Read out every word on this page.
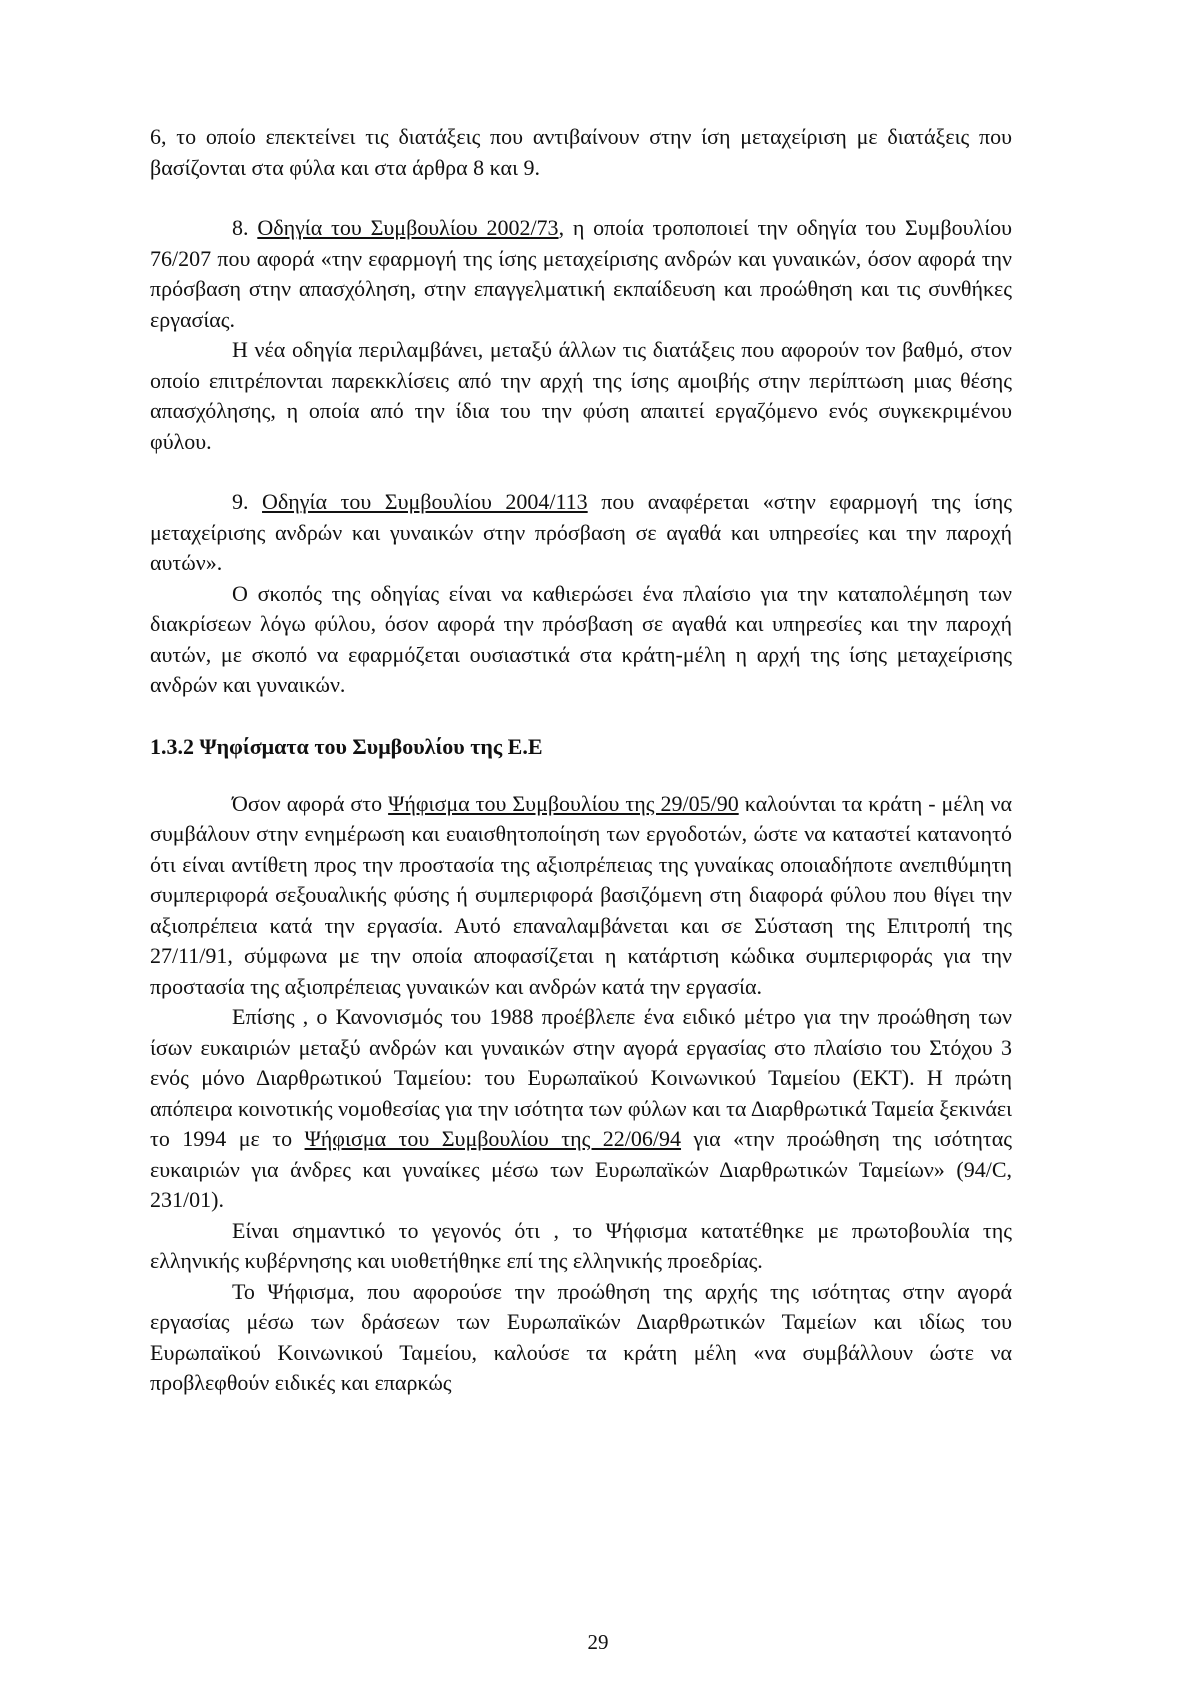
6, το οποίο επεκτείνει τις διατάξεις που αντιβαίνουν στην ίση μεταχείριση με διατάξεις που βασίζονται στα φύλα και στα άρθρα 8 και 9.

8. Οδηγία του Συμβουλίου 2002/73, η οποία τροποποιεί την οδηγία του Συμβουλίου 76/207 που αφορά «την εφαρμογή της ίσης μεταχείρισης ανδρών και γυναικών, όσον αφορά την πρόσβαση στην απασχόληση, στην επαγγελματική εκπαίδευση και προώθηση και τις συνθήκες εργασίας.

Η νέα οδηγία περιλαμβάνει, μεταξύ άλλων τις διατάξεις που αφορούν τον βαθμό, στον οποίο επιτρέπονται παρεκκλίσεις από την αρχή της ίσης αμοιβής στην περίπτωση μιας θέσης απασχόλησης, η οποία από την ίδια του την φύση απαιτεί εργαζόμενο ενός συγκεκριμένου φύλου.

9. Οδηγία του Συμβουλίου 2004/113 που αναφέρεται «στην εφαρμογή της ίσης μεταχείρισης ανδρών και γυναικών στην πρόσβαση σε αγαθά και υπηρεσίες και την παροχή αυτών».

Ο σκοπός της οδηγίας είναι να καθιερώσει ένα πλαίσιο για την καταπολέμηση των διακρίσεων λόγω φύλου, όσον αφορά την πρόσβαση σε αγαθά και υπηρεσίες και την παροχή αυτών, με σκοπό να εφαρμόζεται ουσιαστικά στα κράτη-μέλη η αρχή της ίσης μεταχείρισης ανδρών και γυναικών.

1.3.2 Ψηφίσματα του Συμβουλίου της Ε.Ε

Όσον αφορά στο Ψήφισμα του Συμβουλίου της 29/05/90 καλούνται τα κράτη - μέλη να συμβάλουν στην ενημέρωση και ευαισθητοποίηση των εργοδοτών, ώστε να καταστεί κατανοητό ότι είναι αντίθετη προς την προστασία της αξιοπρέπειας της γυναίκας οποιαδήποτε ανεπιθύμητη συμπεριφορά σεξουαλικής φύσης ή συμπεριφορά βασιζόμενη στη διαφορά φύλου που θίγει την αξιοπρέπεια κατά την εργασία. Αυτό επαναλαμβάνεται και σε Σύσταση της Επιτροπή της 27/11/91, σύμφωνα με την οποία αποφασίζεται η κατάρτιση κώδικα συμπεριφοράς για την προστασία της αξιοπρέπειας γυναικών και ανδρών κατά την εργασία.

Επίσης , ο Κανονισμός του 1988 προέβλεπε ένα ειδικό μέτρο για την προώθηση των ίσων ευκαιριών μεταξύ ανδρών και γυναικών στην αγορά εργασίας στο πλαίσιο του Στόχου 3 ενός μόνο Διαρθρωτικού Ταμείου: του Ευρωπαϊκού Κοινωνικού Ταμείου (ΕΚΤ). Η πρώτη απόπειρα κοινοτικής νομοθεσίας για την ισότητα των φύλων και τα Διαρθρωτικά Ταμεία ξεκινάει το 1994 με το Ψήφισμα του Συμβουλίου της 22/06/94 για «την προώθηση της ισότητας ευκαιριών για άνδρες και γυναίκες μέσω των Ευρωπαϊκών Διαρθρωτικών Ταμείων» (94/C, 231/01).

Είναι σημαντικό το γεγονός ότι , το Ψήφισμα κατατέθηκε με πρωτοβουλία της ελληνικής κυβέρνησης και υιοθετήθηκε επί της ελληνικής προεδρίας.

Το Ψήφισμα, που αφορούσε την προώθηση της αρχής της ισότητας στην αγορά εργασίας μέσω των δράσεων των Ευρωπαϊκών Διαρθρωτικών Ταμείων και ιδίως του Ευρωπαϊκού Κοινωνικού Ταμείου, καλούσε τα κράτη μέλη «να συμβάλλουν ώστε να προβλεφθούν ειδικές και επαρκώς

29
